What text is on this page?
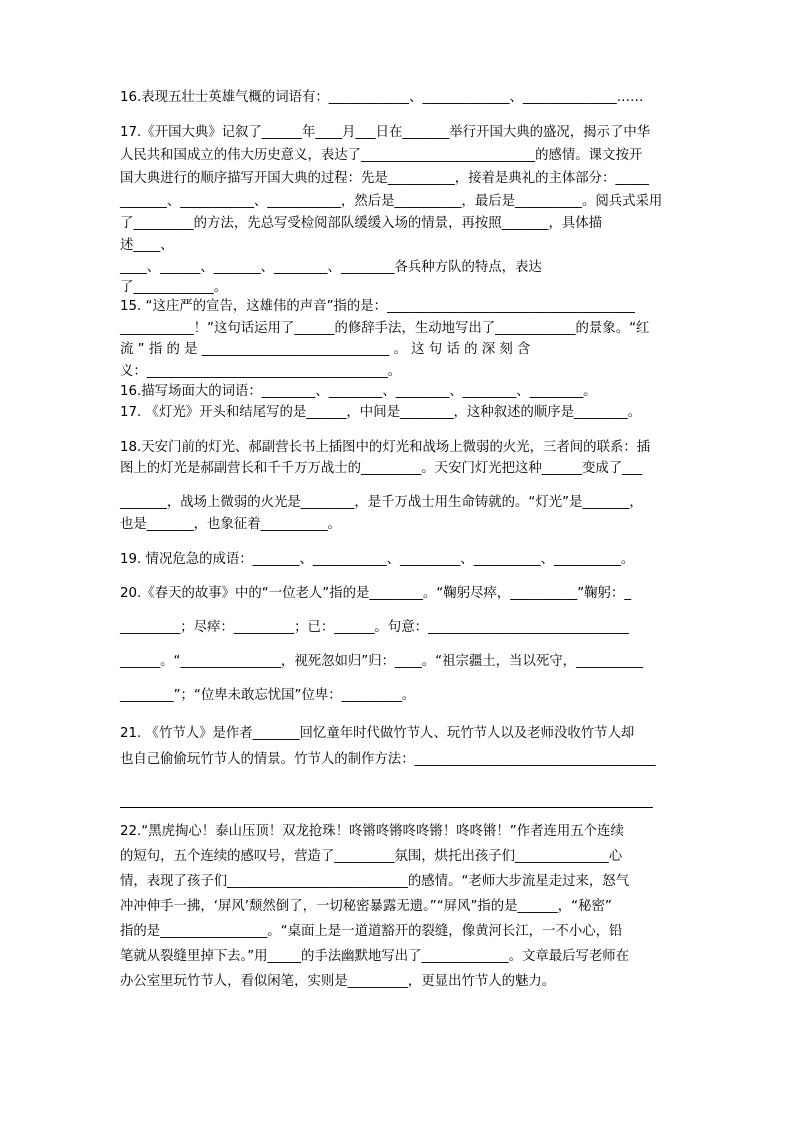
16.表现五壮士英雄气概的词语有：____________、_____________、______________……
17.《开国大典》记叙了______年____月___日在_______举行开国大典的盛况，揭示了中华
人民共和国成立的伟大历史意义，表达了__________________________的感情。课文按开
国大典进行的顺序描写开国大典的过程：先是__________，接着是典礼的主体部分：_____
_______、___________、___________，然后是__________，最后是__________。阅兵式采用
了_________的方法，先总写受检阅部队缓缓入场的情景，再按照_______，具体描
述____、
____、______、_______、________、________各兵种方队的特点，表达
了____________。
15. “这庄严的宣告，这雄伟的声音”指的是：_____________________________________
___________！”这句话运用了______的修辞手法，生动地写出了____________的景象。“红
流 ” 指 的 是 ____________________________ 。 这 句 话 的 深 刻 含
义：____________________________________。
16.描写场面大的词语：________、________、________、________、________。
17. 《灯光》开头和结尾写的是______，中间是________，这种叙述的顺序是________。
18.天安门前的灯光、郝副营长书上插图中的灯光和战场上微弱的火光，三者间的联系：插
图上的灯光是郝副营长和千千万万战士的_________。天安门灯光把这种______变成了___
_______，战场上微弱的火光是________，是千万战士用生命铸就的。“灯光”是_______，
也是_______，也象征着__________。
19. 情况危急的成语：_______、___________、_________、__________、__________。
20.《春天的故事》中的“一位老人”指的是________。“鞠躬尽瘁，__________”鞠躬：_
_________；尽瘁：_________；已：______。句意：______________________________
______。“_______________，视死忽如归”归：____。“祖宗疆土，当以死守，__________
________”；“位卑未敢忘忧国”位卑：_________。
21. 《竹节人》是作者_______回忆童年时代做竹节人、玩竹节人以及老师没收竹节人却
也自己偷偷玩竹节人的情景。竹节人的制作方法：____________________________________
22.“黑虎掏心！泰山压顶！双龙抢珠！咚锵咚锵咚咚锵！咚咚锵！”作者连用五个连续
的短句，五个连续的感叹号，营造了_________氛围，烘托出孩子们______________心
情，表现了孩子们___________________________的感情。“老师大步流星走过来，怒气
冲冲伸手一拂，‘屏风’颓然倒了，一切秘密暴露无遗。”“屏风”指的是______，“秘密”
指的是________________。“桌面上是一道道豁开的裂缝，像黄河长江，一不小心，铅
笔就从裂缝里掉下去。”用_____的手法幽默地写出了_____________。文章最后写老师在
办公室里玩竹节人，看似闲笔，实则是_________，更显出竹节人的魅力。
